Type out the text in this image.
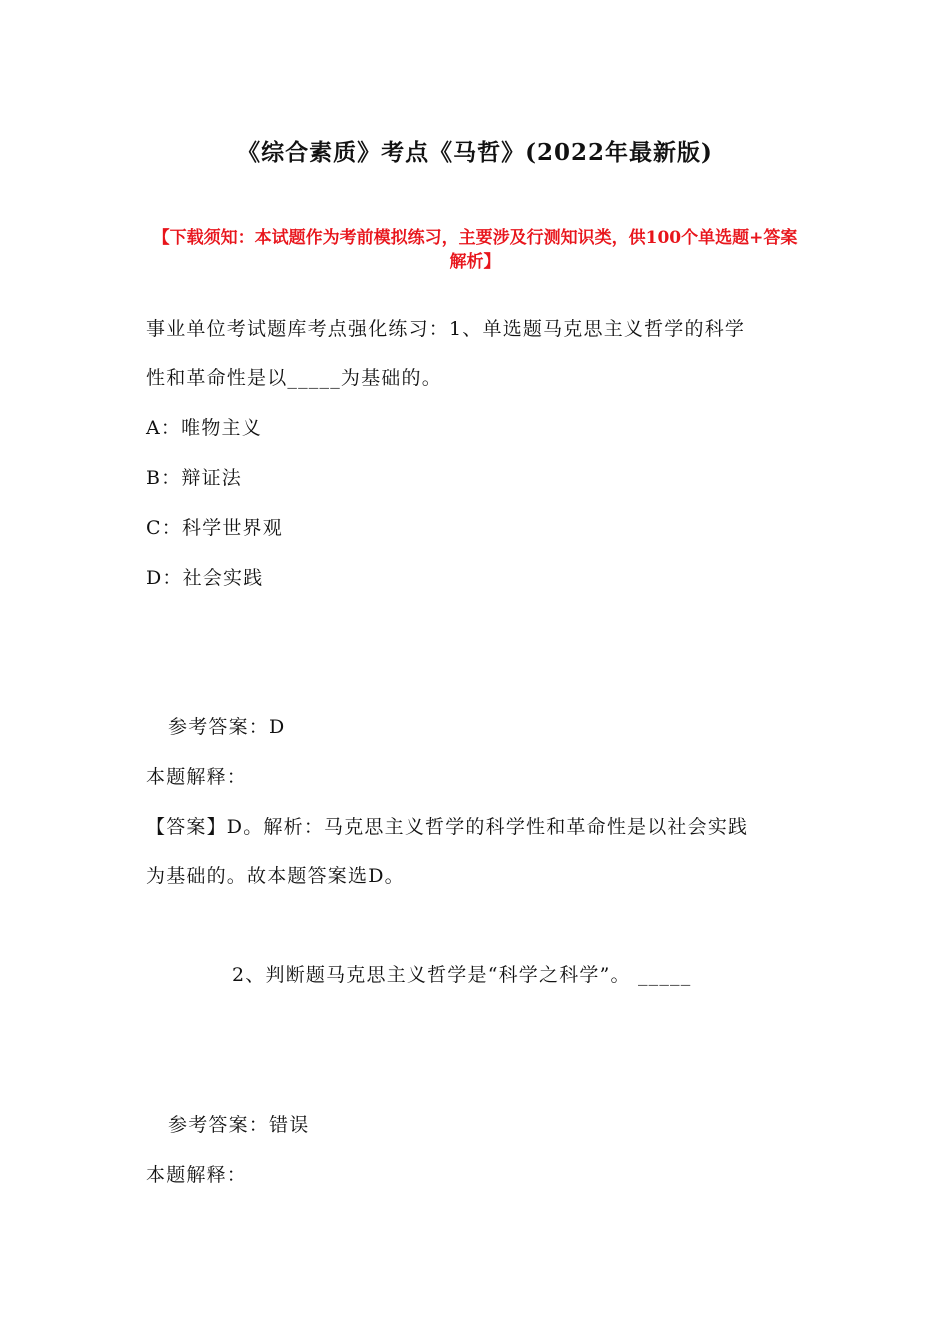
《综合素质》考点《马哲》(2022年最新版)
【下载须知：本试题作为考前模拟练习，主要涉及行测知识类，供100个单选题+答案解析】
事业单位考试题库考点强化练习：1、单选题马克思主义哲学的科学
性和革命性是以_____为基础的。
A：唯物主义
B：辩证法
C：科学世界观
D：社会实践
参考答案：D
本题解释：
【答案】D。解析：马克思主义哲学的科学性和革命性是以社会实践
为基础的。故本题答案选D。
2、判断题马克思主义哲学是“科学之科学”。 _____
参考答案：错误
本题解释：
